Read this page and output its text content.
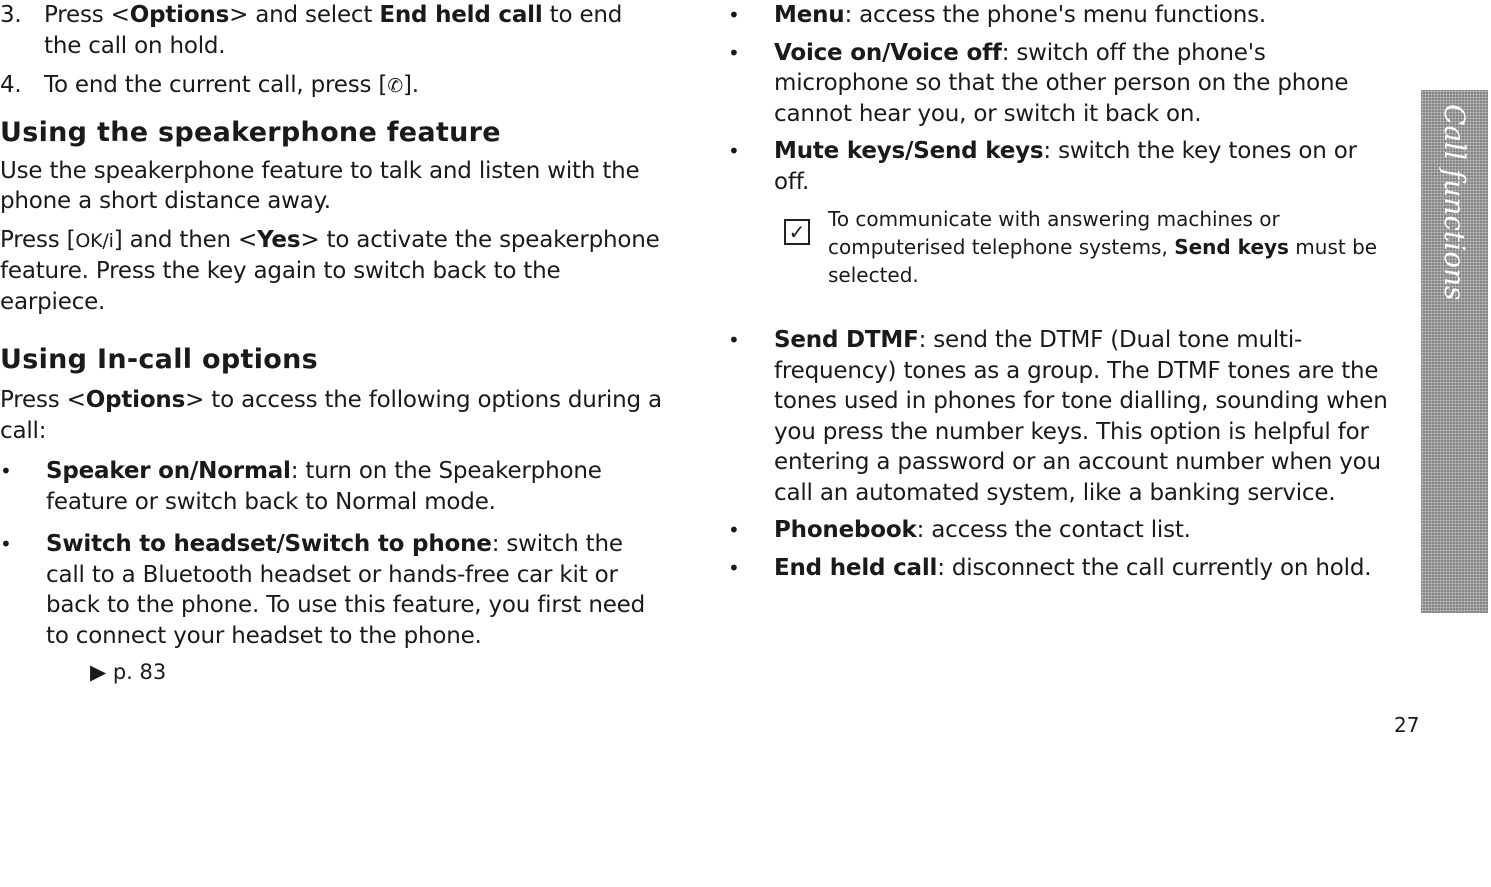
3. Press <Options> and select End held call to end the call on hold.
4. To end the current call, press [✆].
Using the speakerphone feature

Use the speakerphone feature to talk and listen with the phone a short distance away.

Press [OK/i] and then <Yes> to activate the speakerphone feature. Press the key again to switch back to the earpiece.

Using In-call options

Press <Options> to access the following options during a call:

•	Speaker on/Normal: turn on the Speakerphone feature or switch back to Normal mode.
•	Switch to headset/Switch to phone: switch the call to a Bluetooth headset or hands-free car kit or back to the phone. To use this feature, you first need to connect your headset to the phone.
▶ p. 83
•	Menu: access the phone's menu functions.
•	Voice on/Voice off: switch off the phone's microphone so that the other person on the phone cannot hear you, or switch it back on.
•	Mute keys/Send keys: switch the key tones on or off.
✓
To communicate with answering machines or computerised telephone systems, Send keys must be selected.
•	Send DTMF: send the DTMF (Dual tone multi-frequency) tones as a group. The DTMF tones are the tones used in phones for tone dialling, sounding when you press the number keys. This option is helpful for entering a password or an account number when you call an automated system, like a banking service.
•	Phonebook: access the contact list.
•	End held call: disconnect the call currently on hold.
Call functions
27
